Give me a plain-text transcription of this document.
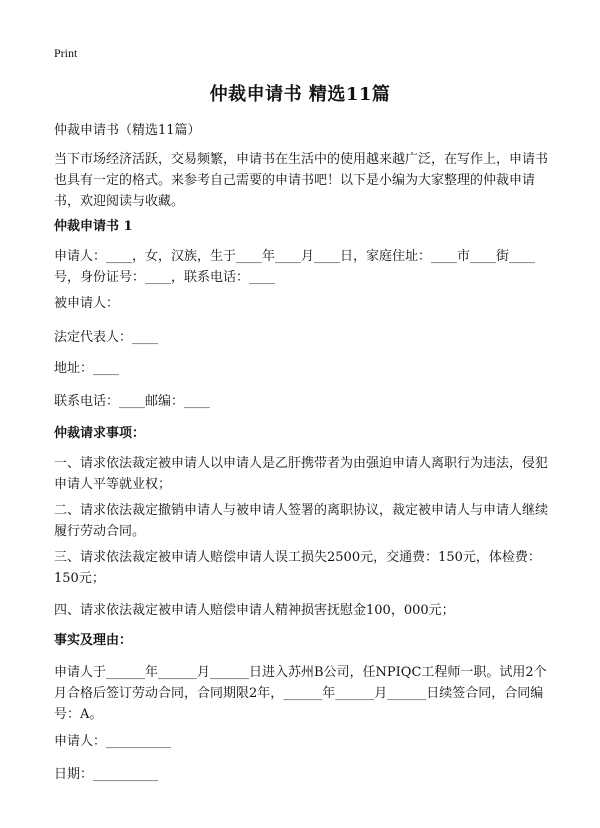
Print
仲裁申请书 精选11篇
仲裁申请书（精选11篇）
当下市场经济活跃，交易频繁，申请书在生活中的使用越来越广泛，在写作上，申请书也具有一定的格式。来参考自己需要的申请书吧！以下是小编为大家整理的仲裁申请书，欢迎阅读与收藏。
仲裁申请书 1
申请人：____，女，汉族，生于____年____月____日，家庭住址：____市____街____号，身份证号：____，联系电话：____
被申请人：
法定代表人：____
地址：____
联系电话：____邮编：____
仲裁请求事项：
一、请求依法裁定被申请人以申请人是乙肝携带者为由强迫申请人离职行为违法，侵犯申请人平等就业权；
二、请求依法裁定撤销申请人与被申请人签署的离职协议，裁定被申请人与申请人继续履行劳动合同。
三、请求依法裁定被申请人赔偿申请人误工损失2500元，交通费：150元，体检费：150元；
四、请求依法裁定被申请人赔偿申请人精神损害抚慰金100，000元；
事实及理由：
申请人于______年______月______日进入苏州B公司，任NPIQC工程师一职。试用2个月合格后签订劳动合同，合同期限2年，______年______月______日续签合同，合同编号：A。
申请人：__________
日期：__________
